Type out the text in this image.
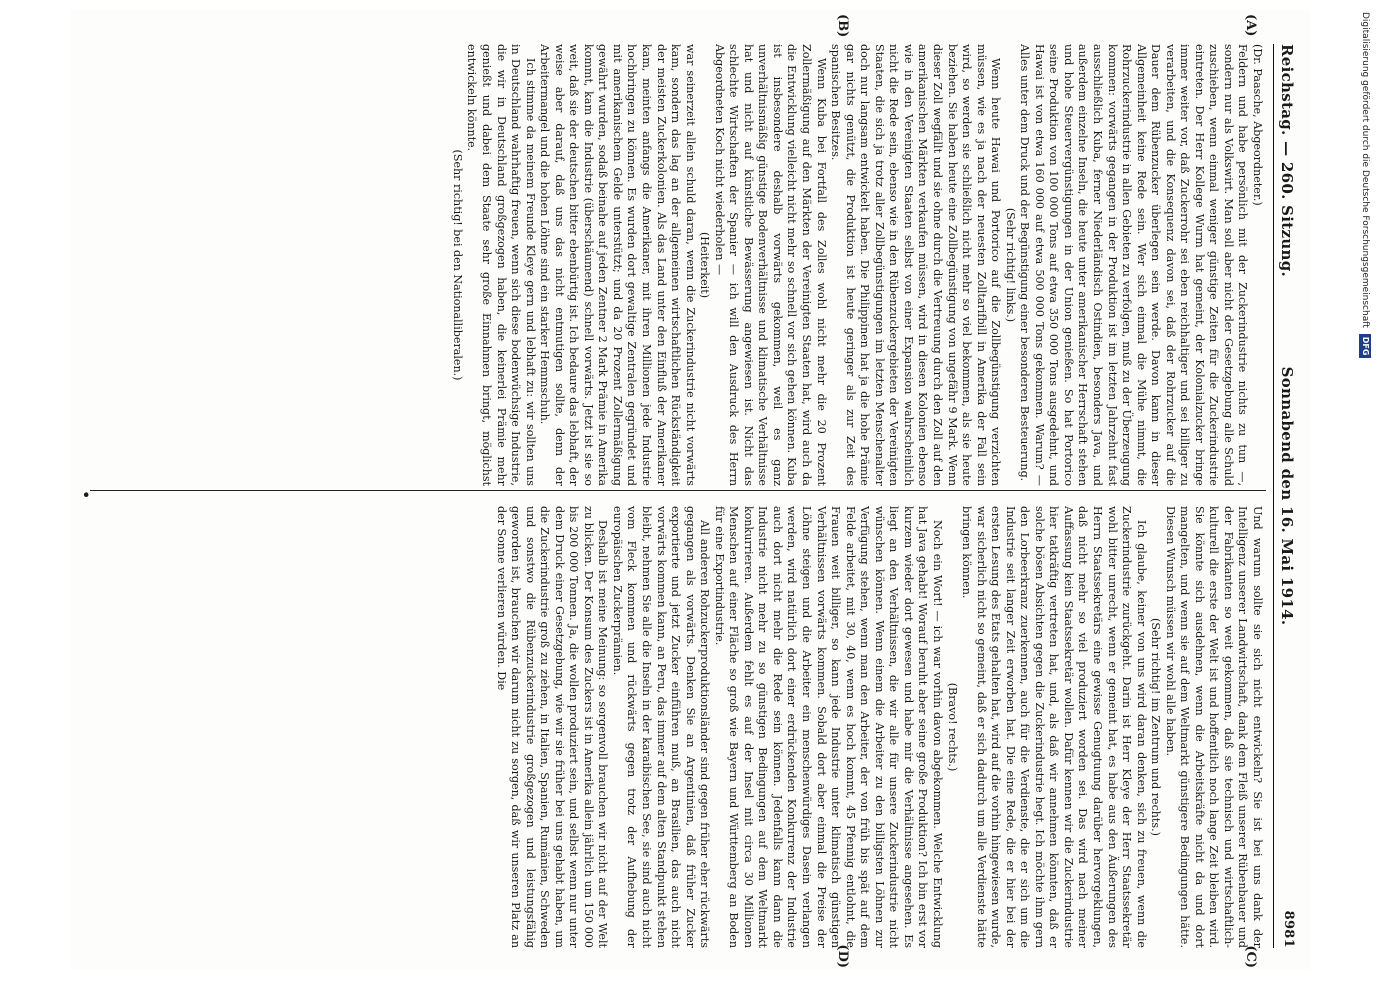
Reichstag. — 260. Sitzung.
Sonnabend den 16. Mai 1914.
8981
(A)
(B)
(C)
(D)

(Dr. Paasche, Abgeordneter.)

Feldern und habe persönlich mit der Zuckerindustrie nichts zu tun —, sondern nur als Volkswirt. Man soll aber nicht der Gesetzgebung alle Schuld zuschieben, wenn einmal weniger günstige Zeiten für die Zuckerindustrie eintreten. Der Herr Kollege Wurm hat gemeint, der Kolonialzucker bringe immer weiter vor, daß Zuckerrohr sei eben reichhaltiger und sei billiger zu verarbeiten, und die Konsequenz davon sei, daß der Rohrzucker auf die Dauer dem Rübenzucker überlegen sein werde. Davon kann in dieser Allgemeinheit keine Rede sein. Wer sich einmal die Mühe nimmt, die Rohrzuckerindustrie in allen Gebieten zu verfolgen, muß zu der Überzeugung kommen: vorwärts gegangen in der Produktion ist im letzten Jahrzehnt fast ausschließlich Kuba, ferner Niederländisch Ostindien, besonders Java, und außerdem einzelne Inseln, die heute unter amerikanischer Herrschaft stehen und hohe Steuervergünstigungen in der Union genießen. So hat Portorico seine Produktion von 100 000 Tons auf etwa 350 000 Tons ausgedehnt, und Hawai ist von etwa 160 000 auf etwa 500 000 Tons gekommen. Warum? — Alles unter dem Druck und der Begünstigung einer besonderen Besteuerung.

(Sehr richtig! links.)

Wenn heute Hawai und Portorico auf die Zollbegünstigung verzichten müssen, wie es ja nach der neuesten Zolltarifbill in Amerika der Fall sein wird, so werden sie schließlich nicht mehr so viel bekommen, als sie heute beziehen. Sie haben heute eine Zollbegünstigung von ungefähr 9 Mark. Wenn dieser Zoll wegfällt und sie ohne durch die Vertreuung durch den Zoll auf den amerikanischen Märkten verkaufen müssen, wird in diesen Kolonien ebenso wie in den Vereinigten Staaten selbst von einer Expansion wahrscheinlich nicht die Rede sein, ebenso wie in den Rübenzuckergebieten der Vereinigten Staaten, die sich ja trotz aller Zollbegünstigungen im letzten Menschenalter doch nur langsam entwickelt haben. Die Philippinen hat ja die hohe Prämie gar nichts genützt, die Produktion ist heute geringer als zur Zeit des spanischen Besitzes.

Wenn Kuba bei Fortfall des Zolles wohl nicht mehr die 20 Prozent Zollermäßigung auf den Märkten der Vereinigten Staaten hat, wird auch da die Entwicklung vielleicht nicht mehr so schnell vor sich gehen können. Kuba ist insbesondere deshalb vorwärts gekommen, weil es ganz unverhältnismäßig günstige Bodenverhältnisse und klimatische Verhältnisse hat und nicht auf künstliche Bewässerung angewiesen ist. Nicht das schlechte Wirtschaften der Spanier — ich will den Ausdruck des Herrn Abgeordneten Koch nicht wiederholen —

(Heiterkeit)

war seinerzeit allein schuld daran, wenn die Zuckerindustrie nicht vorwärts kam, sondern das lag an der allgemeinen wirtschaftlichen Rückständigkeit der meisten Zuckerkolonien. Als das Land unter den Einfluß der Amerikaner kam, meinten anfangs die Amerikaner, mit ihren Millionen jede Industrie hochbringen zu können. Es wurden dort gewaltige Zentralen gegründet und mit amerikanischem Gelde unterstützt; und da 20 Prozent Zollermäßigung gewährt wurden, sodaß beinahe auf jeden Zentner 2 Mark Prämie in Amerika kommt, kam die Industrie (überschäumend) schnell vorwärts. Jetzt ist sie so weit, daß sie der deutschen bitter ebenbürtig ist. Ich bedaure das lebhaft, der weise aber darauf, daß uns das nicht entmutigen sollte, denn der Arbeitermangel und die hohen Löhne sind ein starker Hemmschuh.

Ich stimme da meinem Freunde Kleye gern und lebhaft zu: wir sollten uns in Deutschland wahrhaftig freuen, wenn sich diese bodenwüchsige Industrie, die wir in Deutschland großgezogen haben, die keinerlei Prämie mehr genießt und dabei dem Staate sehr große Einnahmen bringt, möglichst entwickeln könnte.

(Sehr richtig! bei den Nationalliberalen.)

Und warum sollte sie sich nicht entwickeln? Sie ist bei uns dank der Intelligenz unserer Landwirtschaft, dank dem Fleiß unserer Rübenbauer und der Fabrikanten so weit gekommen, daß sie technisch und wirtschaftlich-kulturell die erste der Welt ist und hoffentlich noch lange Zeit bleiben wird. Sie könnte sich ausdehnen, wenn die Arbeitskräfte nicht da und dort mangelten, und wenn sie auf dem Weltmarkt günstigere Bedingungen hätte. Diesen Wunsch müssen wir wohl alle haben.

(Sehr richtig! im Zentrum und rechts.)

Ich glaube, keiner von uns wird daran denken, sich zu freuen, wenn die Zuckerindustrie zurückgeht. Darin ist Herr Kleye der Herr Staatssekretär wohl bitter unrecht, wenn er gemeint hat, es habe aus den Äußerungen des Herrn Staatssekretärs eine gewisse Genugtuung darüber hervorgeklungen, daß nicht mehr so viel produziert worden sei. Das wird nach meiner Auffassung kein Staatssekretär wollen. Dafür kennen wir die Zuckerindustrie hier tatkräftig vertreten hat, und, als daß wir annehmen könnten, daß er solche bösen Absichten gegen die Zuckerindustrie hegt. Ich möchte ihm gern den Lorbeerkranz zuerkennen, auch für die Verdienste, die er sich um die Industrie seit langer Zeit erworben hat. Die eine Rede, die er hier bei der ersten Lesung des Etats gehalten hat, wird auf die vorhin hingewiesen wurde, war sicherlich nicht so gemeint, daß er sich dadurch um alle Verdienste hätte bringen können.

(Bravo! rechts.)

Noch ein Wort! — ich war vorhin davon abgekommen. Welche Entwicklung hat Java gehabt! Worauf beruht aber seine große Produktion? Ich bin erst vor kurzem wieder dort gewesen und habe mir die Verhältnisse angesehen. Es liegt an den Verhältnissen, die wir alle für unsere Zuckerindustrie nicht wünschen können. Wenn einem die Arbeiter zu den billigsten Löhnen zur Verfügung stehen, wenn man den Arbeiter, der von früh bis spät auf dem Felde arbeitet, mit 30, 40, wenn es hoch kommt, 45 Pfennig entlohnt, die Frauen weit billiger, so kann jede Industrie unter klimatisch günstigen Verhältnissen vorwärts kommen. Sobald dort aber einmal die Preise der Löhne steigen und die Arbeiter ein menschenwürdiges Dasein verlangen werden, wird natürlich dort einer erdrückenden Konkurrenz der Industrie auch dort nicht mehr die Rede sein können. Jedenfalls kann dann die Industrie nicht mehr zu so günstigen Bedingungen auf dem Weltmarkt konkurrieren. Außerdem fehlt es auf der Insel mit circa 30 Millionen Menschen auf einer Fläche so groß wie Bayern und Württemberg an Boden für eine Exportindustrie.

All anderen Rohzuckerproduktionsländer sind gegen früher eher rückwärts gegangen als vorwärts. Denken Sie an Argentinien, daß früher Zucker exportierte und jetzt Zucker einführen muß, an Brasilien, das auch nicht vorwärts kommen kann, an Peru, das immer auf dem alten Standpunkt stehen bleibt, nehmen Sie alle die Inseln in der karaibischen See, sie sind auch nicht vom Fleck kommen und rückwärts gegen trotz der Aufhebung der europäischen Zuckerprämien.

Deshalb ist meine Meinung: so sorgenvoll brauchen wir nicht auf der Welt zu blicken. Der Konsum des Zuckers ist in Amerika allein jährlich um 150 000 bis 200 000 Tonnen. Ja, die wollen produziert sein, und selbst wenn nur unter dem Druck einer Gesetzgebung, wie wir sie früher bei uns gehabt haben, um die Zuckerindustrie groß zu ziehen, in Italien, Spanien, Rumänien, Schweden und sonstwo die Rübenzuckerindustrie großgezogen und leistungsfähig geworden ist, brauchen wir darum nicht zu sorgen, daß wir unseren Platz an der Sonne verlieren würden. Die

•
Digitalisierung gefördert durch die Deutsche Forschungsgemeinschaft
DFG
